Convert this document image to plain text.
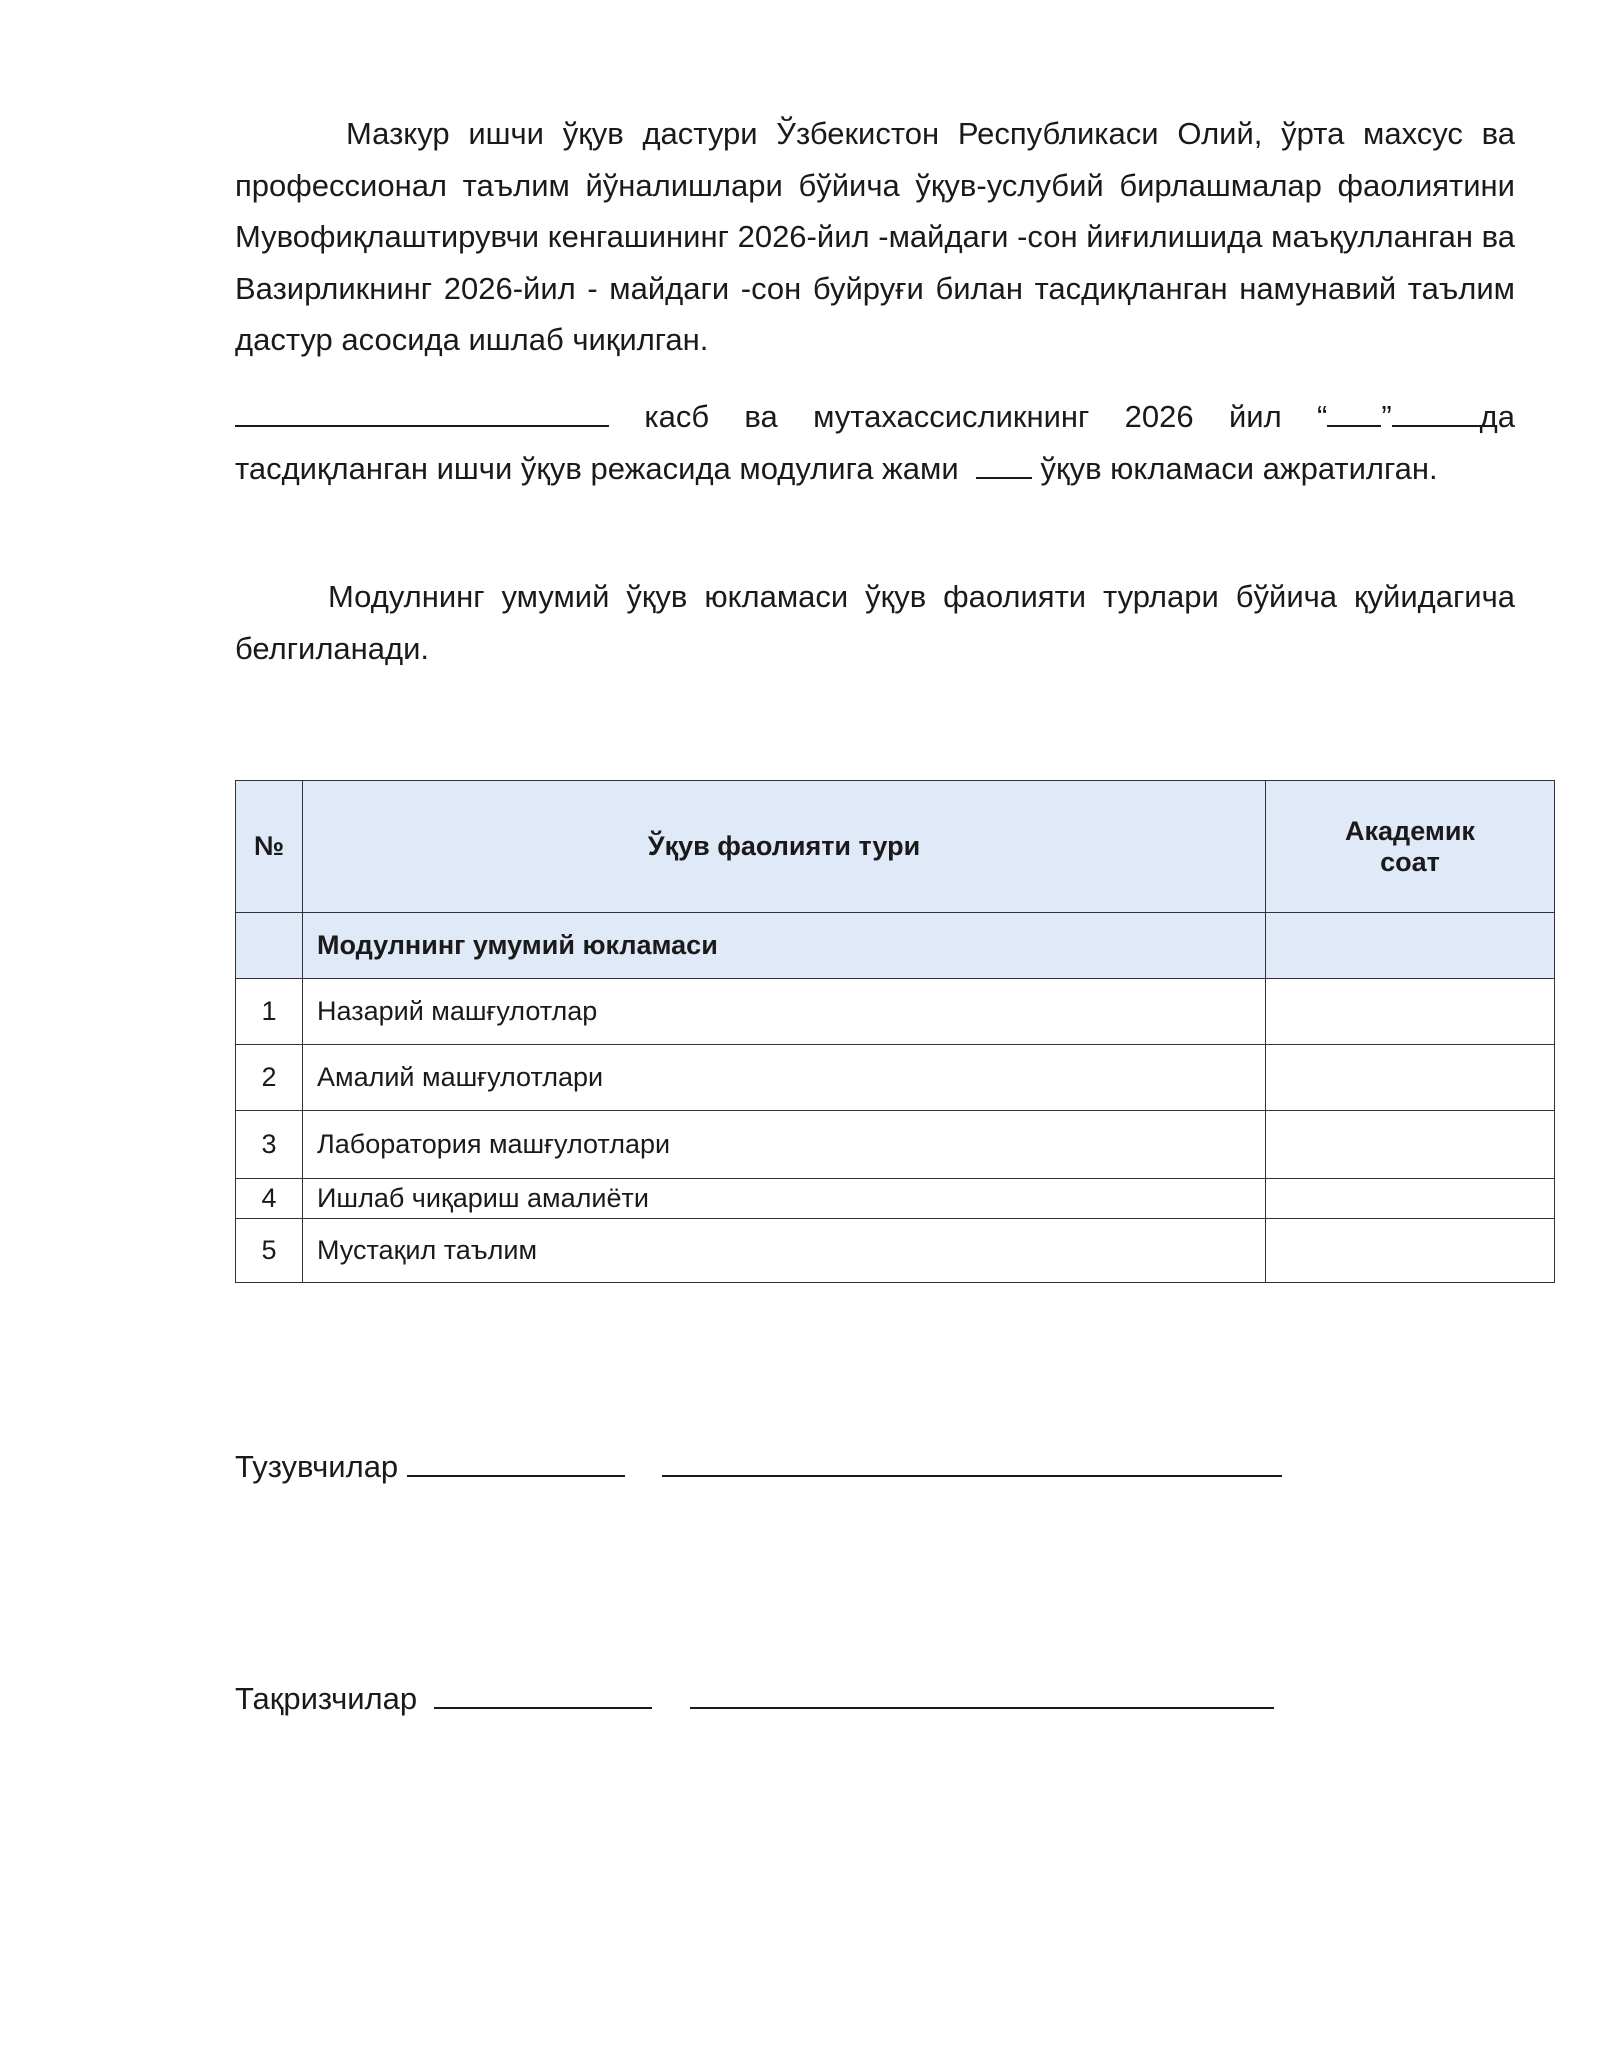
Мазкур ишчи ўқув дастури Ўзбекистон Республикаси Олий, ўрта махсус ва профессионал таълим йўналишлари бўйича ўқув-услубий бирлашмалар фаолиятини Мувофиқлаштирувчи кенгашининг 2026-йил -майдаги -сон йиғилишида маъқулланган ва Вазирликнинг 2026-йил - майдаги -сон буйруғи билан тасдиқланган намунавий таълим дастур асосида ишлаб чиқилган.

касб ва мутахассисликнинг 2026 йил “ ”	да тасдиқланган ишчи ўқув режасида модулига жами	ўқув юкламаси ажратилган.

Модулнинг умумий ўқув юкламаси ўқув фаолияти турлари бўйича қуйидагича белгиланади.

№	Ўқув фаолияти тури	Академик
соат
	Модулнинг умумий юкламаси	
1	Назарий машғулотлар	
2	Амалий машғулотлари	
3	Лаборатория машғулотлари	
4	Ишлаб чиқариш амалиёти	
5	Мустақил таълим	
Тузувчилар
Тақризчилар
